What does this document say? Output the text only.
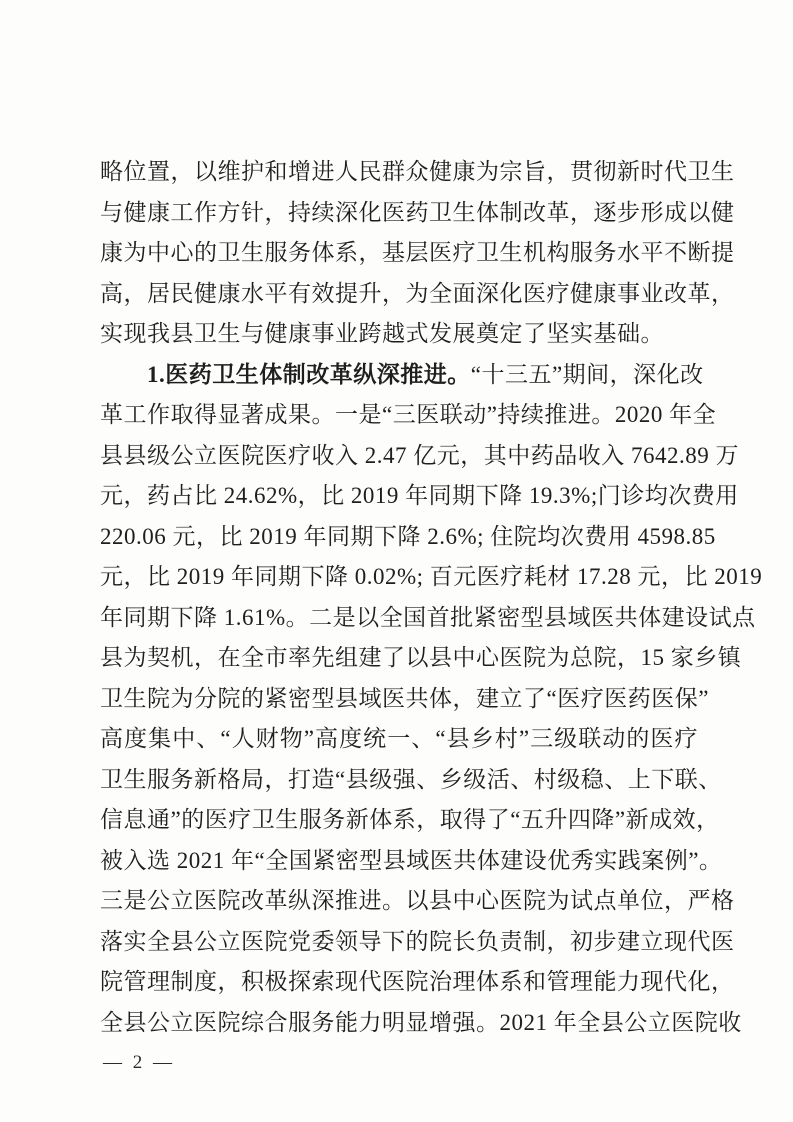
略位置，以维护和增进人民群众健康为宗旨，贯彻新时代卫生
与健康工作方针，持续深化医药卫生体制改革，逐步形成以健
康为中心的卫生服务体系，基层医疗卫生机构服务水平不断提
高，居民健康水平有效提升，为全面深化医疗健康事业改革，
实现我县卫生与健康事业跨越式发展奠定了坚实基础。
1.医药卫生体制改革纵深推进。“十三五”期间，深化改
革工作取得显著成果。一是“三医联动”持续推进。2020 年全
县县级公立医院医疗收入 2.47 亿元，其中药品收入 7642.89 万
元，药占比 24.62%，比 2019 年同期下降 19.3%;门诊均次费用
220.06 元，比 2019 年同期下降 2.6%; 住院均次费用 4598.85
元，比 2019 年同期下降 0.02%; 百元医疗耗材 17.28 元，比 2019
年同期下降 1.61%。二是以全国首批紧密型县域医共体建设试点
县为契机，在全市率先组建了以县中心医院为总院，15 家乡镇
卫生院为分院的紧密型县域医共体，建立了“医疗医药医保”
高度集中、“人财物”高度统一、“县乡村”三级联动的医疗
卫生服务新格局，打造“县级强、乡级活、村级稳、上下联、
信息通”的医疗卫生服务新体系，取得了“五升四降”新成效，
被入选 2021 年“全国紧密型县域医共体建设优秀实践案例”。
三是公立医院改革纵深推进。以县中心医院为试点单位，严格
落实全县公立医院党委领导下的院长负责制，初步建立现代医
院管理制度，积极探索现代医院治理体系和管理能力现代化，
全县公立医院综合服务能力明显增强。2021 年全县公立医院收
— 2 —
